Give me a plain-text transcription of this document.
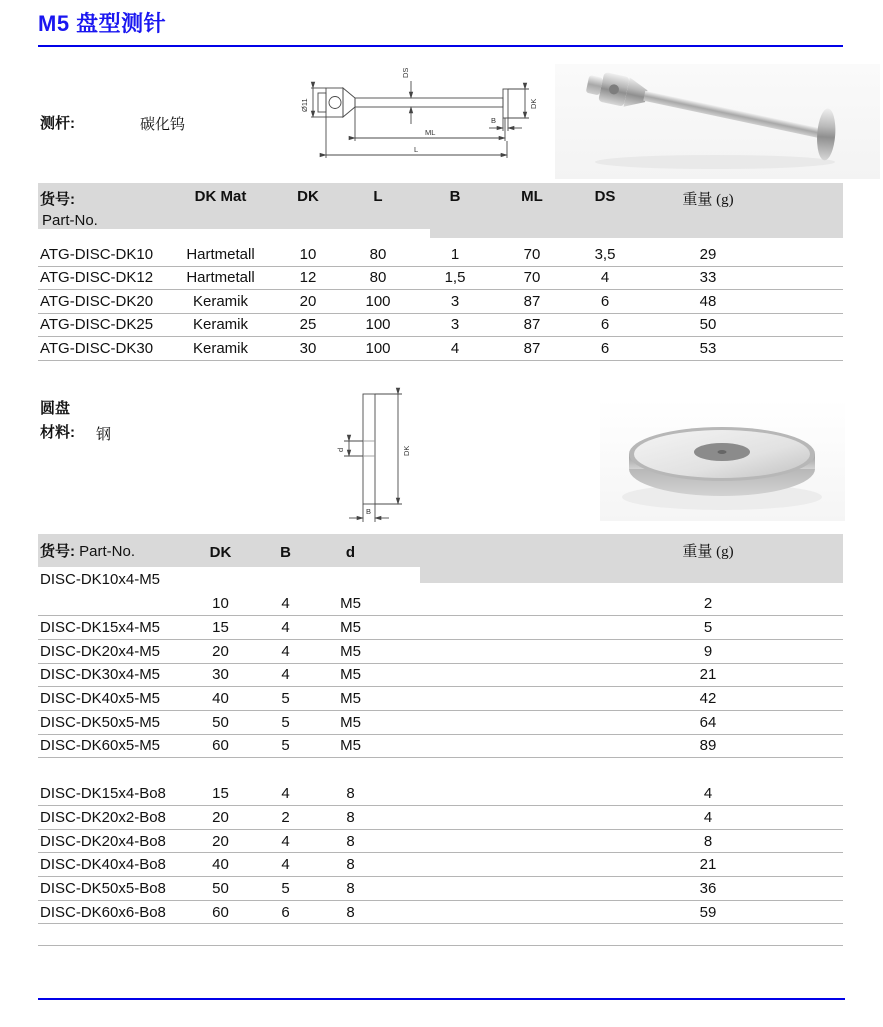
M5 盘型测针
测杆:	碳化钨
Ø11
DS
DK
B
ML
L
货号:
Part-No.
DK Mat	DK	L	B	ML	DS	重量 (g)
ATG-DISC-DK10	Hartmetall	10	80	1	70	3,5	29
ATG-DISC-DK12	Hartmetall	12	80	1,5	70	4	33
ATG-DISC-DK20	Keramik	20	100	3	87	6	48
ATG-DISC-DK25	Keramik	25	100	3	87	6	50
ATG-DISC-DK30	Keramik	30	100	4	87	6	53
圆盘
材料: 钢
d	DK
B
货号: Part-No.	DK	B	d	重量 (g)
DISC-DK10x4-M5
10	4	M5	2
DISC-DK15x4-M5	15	4	M5	5
DISC-DK20x4-M5	20	4	M5	9
DISC-DK30x4-M5	30	4	M5	21
DISC-DK40x5-M5	40	5	M5	42
DISC-DK50x5-M5	50	5	M5	64
DISC-DK60x5-M5	60	5	M5	89
DISC-DK15x4-Bo8	15	4	8	4
DISC-DK20x2-Bo8	20	2	8	4
DISC-DK20x4-Bo8	20	4	8	8
DISC-DK40x4-Bo8	40	4	8	21
DISC-DK50x5-Bo8	50	5	8	36
DISC-DK60x6-Bo8	60	6	8	59
